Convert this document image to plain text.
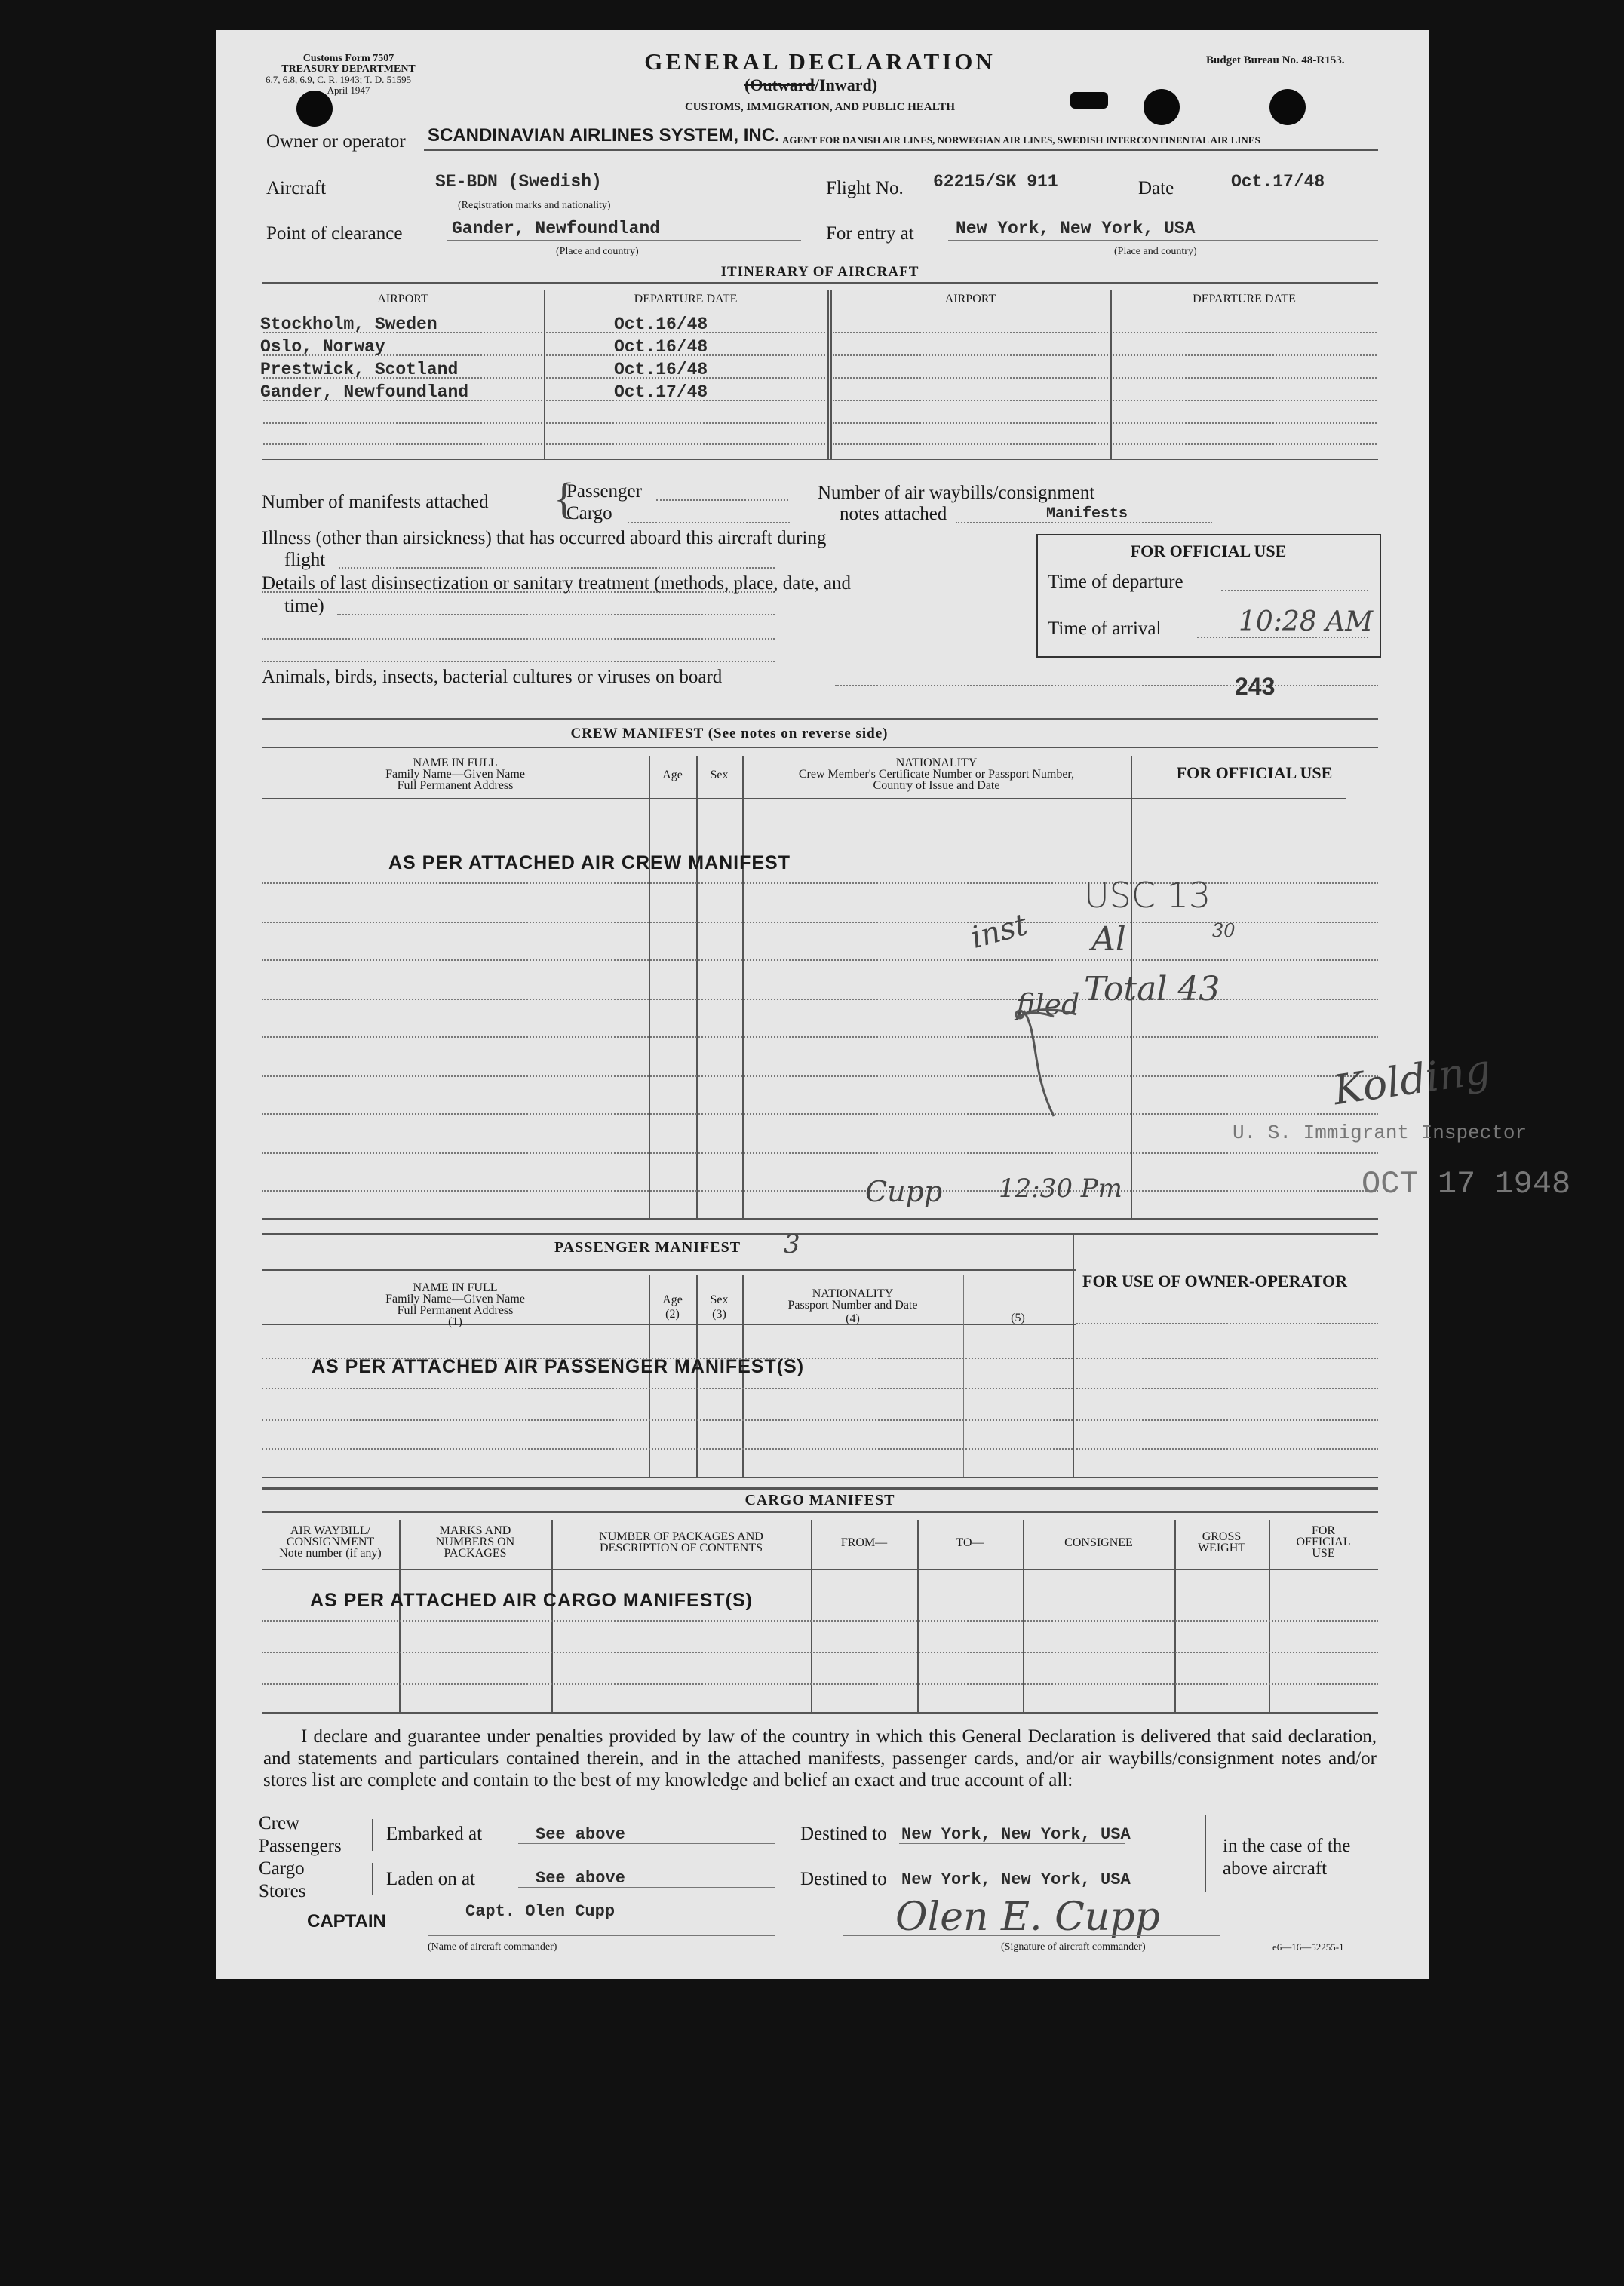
Customs Form 7507
TREASURY DEPARTMENT
6.7, 6.8, 6.9, C. R. 1943; T. D. 51595
April 1947
GENERAL DECLARATION
(Outward/Inward)
CUSTOMS, IMMIGRATION, AND PUBLIC HEALTH
Budget Bureau No. 48-R153.
Owner or operator SCANDINAVIAN AIRLINES SYSTEM, INC. AGENT FOR DANISH AIR LINES, NORWEGIAN AIR LINES, SWEDISH INTERCONTINENTAL AIR LINES
Aircraft	SE-BDN (Swedish)
(Registration marks and nationality)
Flight No. 62215/SK 911	Date	Oct.17/48
Point of clearance	Gander, Newfoundland
(Place and country)
For entry at New York, New York, USA
(Place and country)
ITINERARY OF AIRCRAFT
AIRPORT	DEPARTURE DATE	AIRPORT	DEPARTURE DATE
Stockholm, Sweden	Oct.16/48
Oslo, Norway	Oct.16/48
Prestwick, Scotland	Oct.16/48
Gander, Newfoundland	Oct.17/48
Number of manifests attached {
Passenger
Cargo
Number of air waybills/consignment
notes attached	Manifests
Illness (other than airsickness) that has occurred aboard this aircraft during
flight
Details of last disinsectization or sanitary treatment (methods, place, date, and
time)
Animals, birds, insects, bacterial cultures or viruses on board	243
FOR OFFICIAL USE
Time of departure
Time of arrival	10:28 AM
CREW MANIFEST (See notes on reverse side)
NAME IN FULL
Family Name—Given Name
Full Permanent Address
Age	Sex
NATIONALITY
Crew Member's Certificate Number or Passport Number,
Country of Issue and Date
FOR OFFICIAL USE
AS PER ATTACHED AIR CREW MANIFEST
USC 13
Al	30
Total 43
inst
filed
Kolding
U. S. Immigrant Inspector
OCT 17 1948
Cupp 12:30 Pm
PASSENGER MANIFEST 3
NAME IN FULL
Family Name—Given Name
Full Permanent Address
(1)
Age
(2)
Sex
(3)
NATIONALITY
Passport Number and Date
(4)	(5)
FOR USE OF OWNER-OPERATOR
AS PER ATTACHED AIR PASSENGER MANIFEST(S)
CARGO MANIFEST
AIR WAYBILL/
CONSIGNMENT
Note number (if any)
MARKS AND
NUMBERS ON
PACKAGES
NUMBER OF PACKAGES AND
DESCRIPTION OF CONTENTS	FROM—	TO—	CONSIGNEE	GROSS
WEIGHT
FOR
OFFICIAL
USE
AS PER ATTACHED AIR CARGO MANIFEST(S)
I declare and guarantee under penalties provided by law of the country in which this General Declaration is delivered that said declaration, and statements and particulars contained therein, and in the attached manifests, passenger cards, and/or air waybills/consignment notes and/or stores list are complete and contain to the best of my knowledge and belief an exact and true account of all:
Crew
Passengers
Cargo
Stores
Embarked at	See above
Laden on at	See above
Destined to New York, New York, USA
Destined to New York, New York, USA
in the case of the
above aircraft
CAPTAIN	Capt. Olen Cupp
(Name of aircraft commander)
Olen E. Cupp
(Signature of aircraft commander)	e6—16—52255-1
